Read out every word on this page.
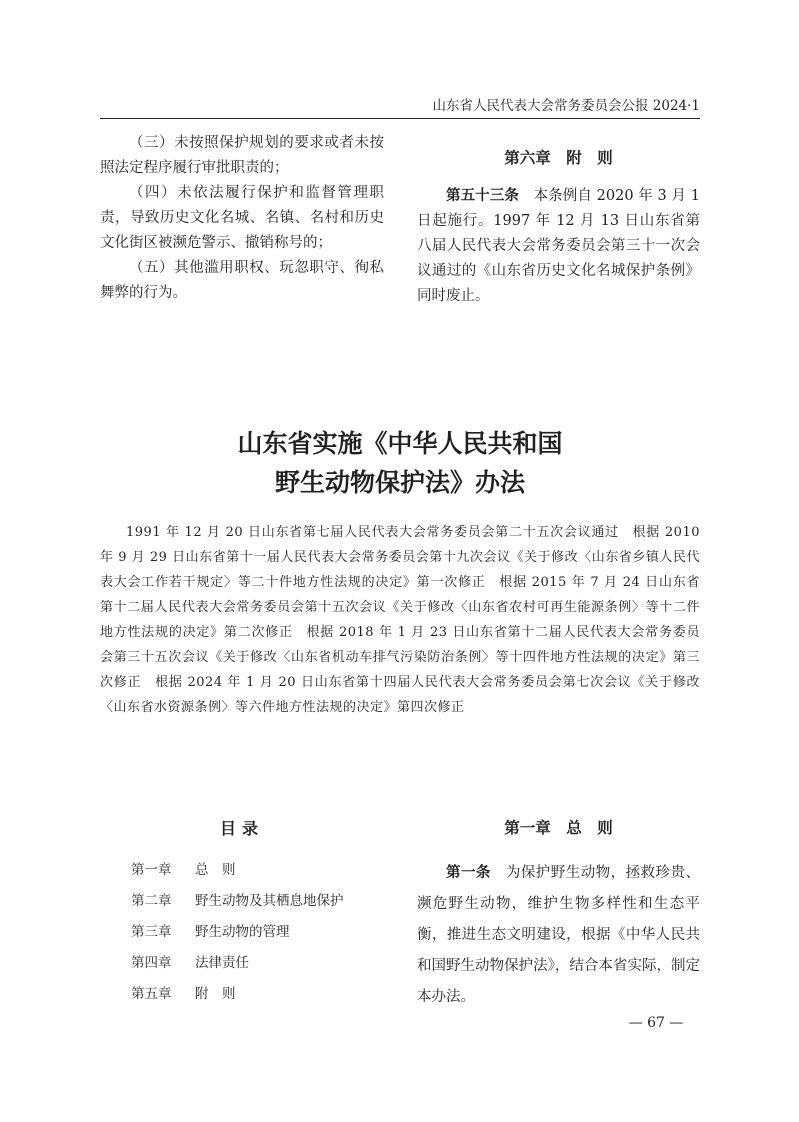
山东省人民代表大会常务委员会公报 2024·1

（三）未按照保护规划的要求或者未按照法定程序履行审批职责的；

（四）未依法履行保护和监督管理职责，导致历史文化名城、名镇、名村和历史文化街区被濒危警示、撤销称号的；

（五）其他滥用职权、玩忽职守、徇私舞弊的行为。

第六章　附　则

第五十三条　 本条例自 2020 年 3 月 1 日起施行。1997 年 12 月 13 日山东省第八届人民代表大会常务委员会第三十一次会议通过的《山东省历史文化名城保护条例》同时废止。

山东省实施《中华人民共和国
野生动物保护法》办法
1991 年 12 月 20 日山东省第七届人民代表大会常务委员会第二十五次会议通过　根据 2010 年 9 月 29 日山东省第十一届人民代表大会常务委员会第十九次会议《关于修改〈山东省乡镇人民代表大会工作若干规定〉等二十件地方性法规的决定》第一次修正　根据 2015 年 7 月 24 日山东省第十二届人民代表大会常务委员会第十五次会议《关于修改〈山东省农村可再生能源条例〉等十二件地方性法规的决定》第二次修正　根据 2018 年 1 月 23 日山东省第十二届人民代表大会常务委员会第三十五次会议《关于修改〈山东省机动车排气污染防治条例〉等十四件地方性法规的决定》第三次修正　根据 2024 年 1 月 20 日山东省第十四届人民代表大会常务委员会第七次会议《关于修改〈山东省水资源条例〉等六件地方性法规的决定》第四次修正
目录
第一章 总　则
第二章 野生动物及其栖息地保护
第三章 野生动物的管理
第四章 法律责任
第五章 附　则
第一章　总　则

第一条　 为保护野生动物，拯救珍贵、濒危野生动物，维护生物多样性和生态平衡，推进生态文明建设，根据《中华人民共和国野生动物保护法》，结合本省实际，制定本办法。

— 67 —
